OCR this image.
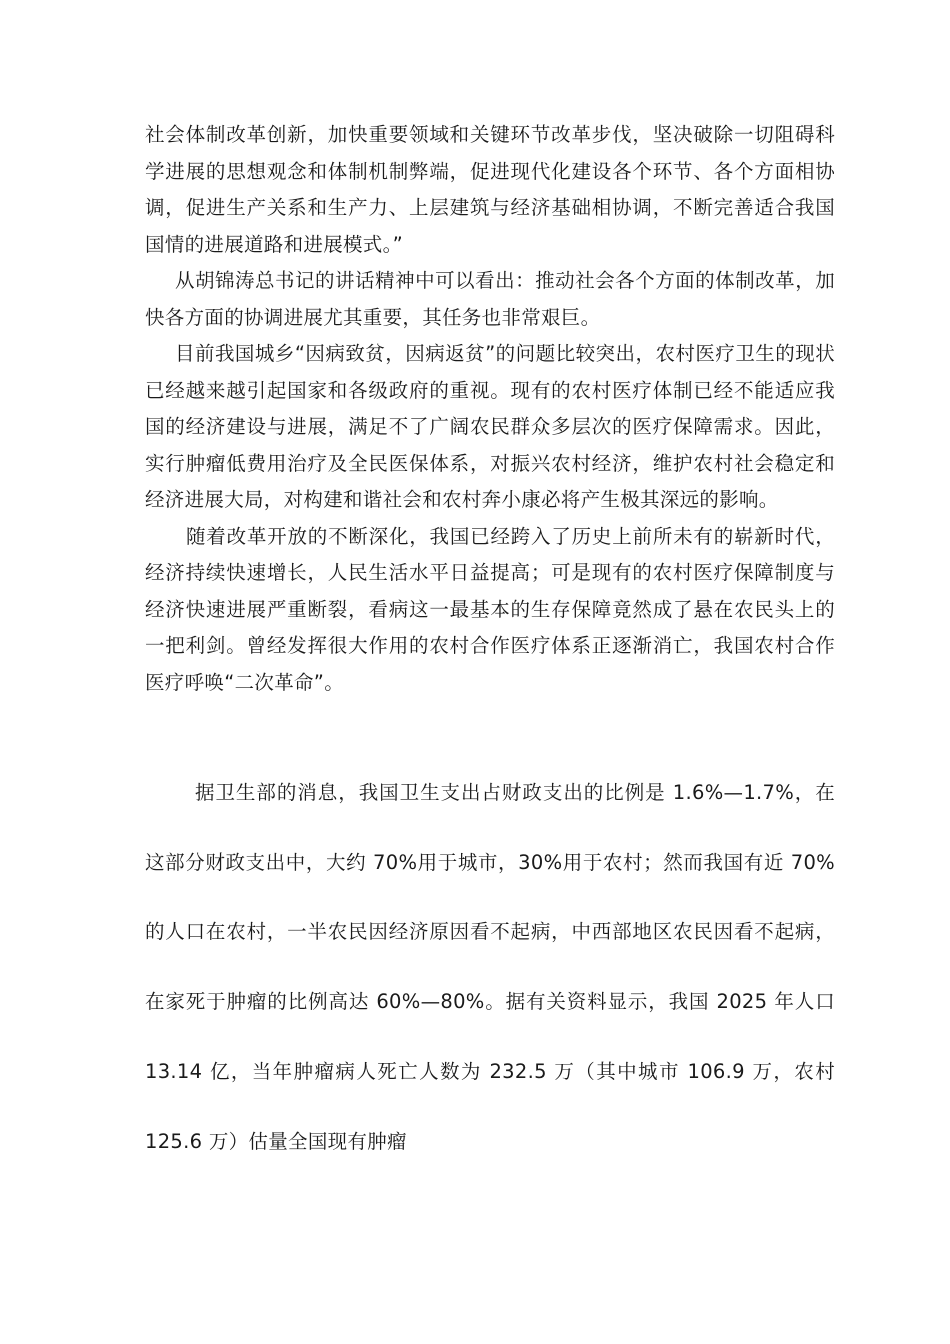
社会体制改革创新，加快重要领域和关键环节改革步伐，坚决破除一切阻碍科学进展的思想观念和体制机制弊端，促进现代化建设各个环节、各个方面相协调，促进生产关系和生产力、上层建筑与经济基础相协调，不断完善适合我国国情的进展道路和进展模式。”

从胡锦涛总书记的讲话精神中可以看出：推动社会各个方面的体制改革，加快各方面的协调进展尤其重要，其任务也非常艰巨。

目前我国城乡“因病致贫，因病返贫”的问题比较突出，农村医疗卫生的现状已经越来越引起国家和各级政府的重视。现有的农村医疗体制已经不能适应我国的经济建设与进展，满足不了广阔农民群众多层次的医疗保障需求。因此，实行肿瘤低费用治疗及全民医保体系，对振兴农村经济，维护农村社会稳定和经济进展大局，对构建和谐社会和农村奔小康必将产生极其深远的影响。

随着改革开放的不断深化，我国已经跨入了历史上前所未有的崭新时代，经济持续快速增长，人民生活水平日益提高；可是现有的农村医疗保障制度与经济快速进展严重断裂，看病这一最基本的生存保障竟然成了悬在农民头上的一把利剑。曾经发挥很大作用的农村合作医疗体系正逐渐消亡，我国农村合作医疗呼唤“二次革命”。

据卫生部的消息，我国卫生支出占财政支出的比例是 1.6%—1.7%，在这部分财政支出中，大约 70%用于城市，30%用于农村；然而我国有近 70%的人口在农村，一半农民因经济原因看不起病，中西部地区农民因看不起病，在家死于肿瘤的比例高达 60%—80%。据有关资料显示，我国 2025 年人口 13.14 亿，当年肿瘤病人死亡人数为 232.5 万（其中城市 106.9 万，农村 125.6 万）估量全国现有肿瘤
